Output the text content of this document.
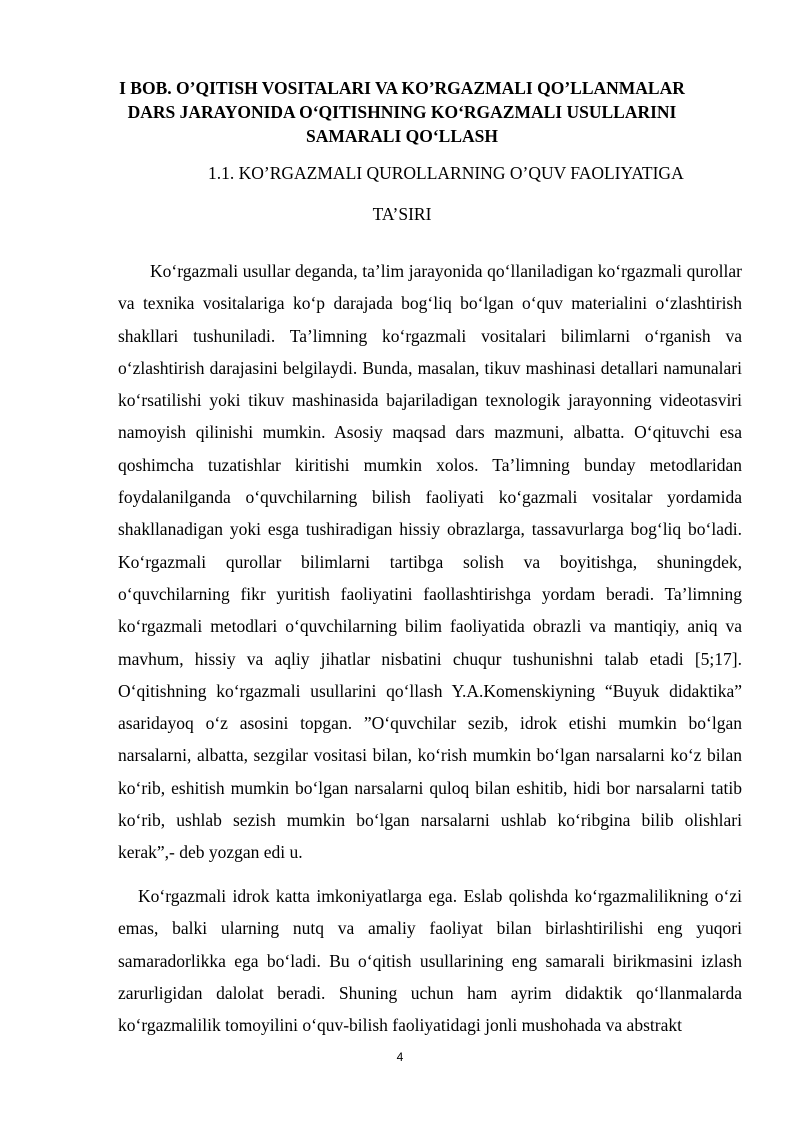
I BOB. O’QITISH VOSITALARI VA KO’RGAZMALI QO’LLANMALAR DARS JARAYONIDA O‘QITISHNING KO‘RGAZMALI USULLARINI SAMARALI QO‘LLASH
1.1. KO’RGAZMALI QUROLLARNING O’QUV FAOLIYATIGA
TA’SIRI

Ko‘rgazmali usullar deganda, ta’lim jarayonida qo‘llaniladigan ko‘rgazmali qurollar va texnika vositalariga ko‘p darajada bog‘liq bo‘lgan o‘quv materialini o‘zlashtirish shakllari tushuniladi. Ta’limning ko‘rgazmali vositalari bilimlarni o‘rganish va o‘zlashtirish darajasini belgilaydi. Bunda, masalan, tikuv mashinasi detallari namunalari ko‘rsatilishi yoki tikuv mashinasida bajariladigan texnologik jarayonning videotasviri namoyish qilinishi mumkin. Asosiy maqsad dars mazmuni, albatta. O‘qituvchi esa qoshimcha tuzatishlar kiritishi mumkin xolos. Ta’limning bunday metodlaridan foydalanilganda o‘quvchilarning bilish faoliyati ko‘gazmali vositalar yordamida shakllanadigan yoki esga tushiradigan hissiy obrazlarga, tassavurlarga bog‘liq bo‘ladi. Ko‘rgazmali qurollar bilimlarni tartibga solish va boyitishga, shuningdek, o‘quvchilarning fikr yuritish faoliyatini faollashtirishga yordam beradi. Ta’limning ko‘rgazmali metodlari o‘quvchilarning bilim faoliyatida obrazli va mantiqiy, aniq va mavhum, hissiy va aqliy jihatlar nisbatini chuqur tushunishni talab etadi [5;17]. O‘qitishning ko‘rgazmali usullarini qo‘llash Y.A.Komenskiyning “Buyuk didaktika” asaridayoq o‘z asosini topgan. ”O‘quvchilar sezib, idrok etishi mumkin bo‘lgan narsalarni, albatta, sezgilar vositasi bilan, ko‘rish mumkin bo‘lgan narsalarni ko‘z bilan ko‘rib, eshitish mumkin bo‘lgan narsalarni quloq bilan eshitib, hidi bor narsalarni tatib ko‘rib, ushlab sezish mumkin bo‘lgan narsalarni ushlab ko‘ribgina bilib olishlari kerak”,- deb yozgan edi u.

Ko‘rgazmali idrok katta imkoniyatlarga ega. Eslab qolishda ko‘rgazmalilikning o‘zi emas, balki ularning nutq va amaliy faoliyat bilan birlashtirilishi eng yuqori samaradorlikka ega bo‘ladi. Bu o‘qitish usullarining eng samarali birikmasini izlash zarurligidan dalolat beradi. Shuning uchun ham ayrim didaktik qo‘llanmalarda ko‘rgazmalilik tomoyilini o‘quv-bilish faoliyatidagi jonli mushohada va abstrakt

4
